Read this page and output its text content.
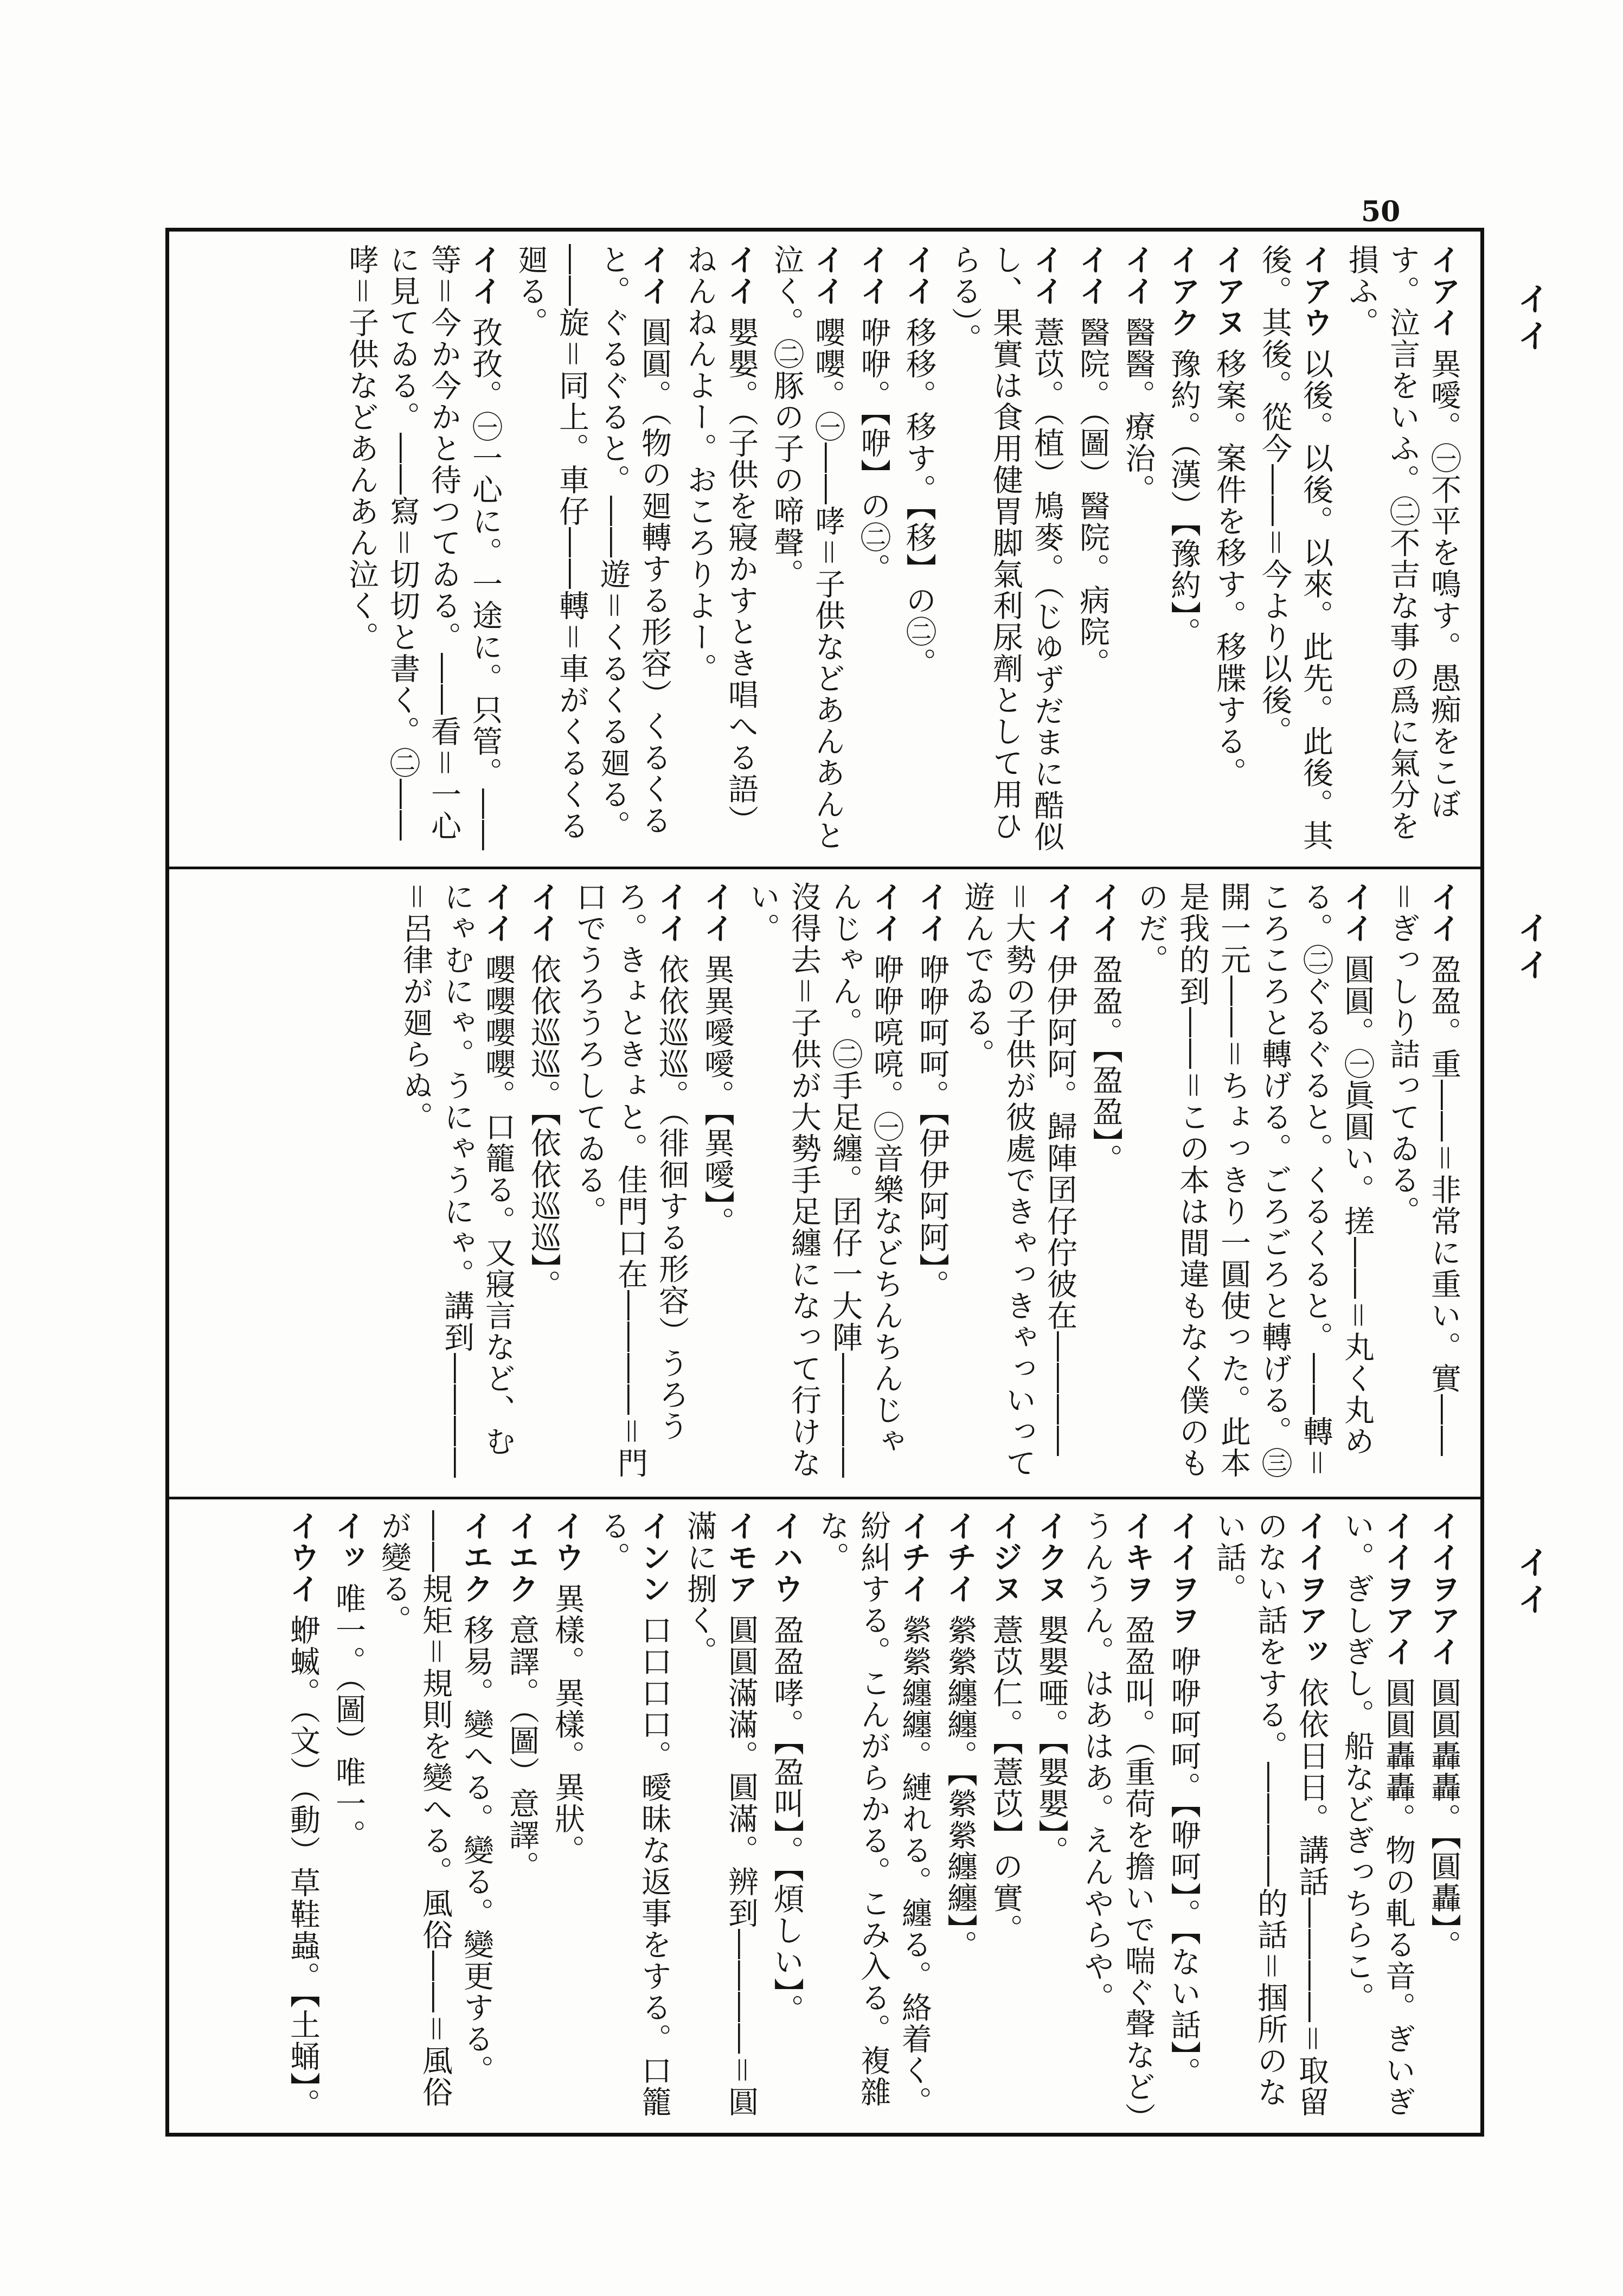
50
イイ
イイ
イイ
イアイ異噯。㊀不平を鳴す。愚痴をこぼす。泣言をいふ。㊁不吉な事の爲に氣分を損ふ。
イアウ以後。以後。以來。此先。此後。其後。其後。從今――＝今より以後。
イアヌ移案。案件を移す。移牒する。
イアク豫約。（漢）【豫約】。
イイ醫醫。療治。
イイ醫院。（圖）醫院。病院。
イイ薏苡。（植）鳩麥。（じゆずだまに酷似し、果實は食用健胃脚氣利尿劑として用ひらる）。
イイ移移。移す。【移】の㊁。
イイ咿咿。【咿】の㊁。
イイ嚶嚶。㊀――哮＝子供などあんあんと泣く。㊁豚の子の啼聲。
イイ嬰嬰。（子供を寢かすとき唱へる語）ねんねんよー。おころりよー。
イイ圓圓。（物の廻轉する形容）くるくると。ぐるぐると。――遊＝くるくる廻る。――旋＝同上。車仔――轉＝車がくるくる廻る。
イイ孜孜。㊀一心に。一途に。只管。――等＝今か今かと待つてゐる。――看＝一心に見てゐる。――寫＝切切と書く。㊁――哮＝子供などあんあん泣く。
イイ盈盈。重――＝非常に重い。實――＝ぎっしり詰ってゐる。
イイ圓圓。㊀眞圓い。搓――＝丸く丸める。㊁ぐるぐると。くるくると。――轉＝ころころと轉げる。ごろごろと轉げる。㊂開一元――＝ちょっきり一圓使った。此本是我的到――＝この本は間違もなく僕のものだ。
イイ盈盈。【盈盈】。
イイ伊伊阿阿。歸陣囝仔佇彼在――――＝大勢の子供が彼處できゃっきゃっいって遊んでゐる。
イイ咿咿呵呵。【伊伊阿阿】。
イイ咿咿喨喨。㊀音樂などちんちんじゃんじゃん。㊁手足纏。囝仔一大陣――――沒得去＝子供が大勢手足纏になって行けない。
イイ異異噯噯。【異噯】。
イイ依依巡巡。（徘徊する形容）うろうろ。きょときょと。佳門口在――――＝門口でうろうろしてゐる。
イイ依依巡巡。【依依巡巡】。
イイ嚶嚶嚶嚶。口籠る。又寢言など、むにゃむにゃ。うにゃうにゃ。講到――――＝呂律が廻らぬ。
イイヲアイ圓圓轟轟。【圓轟】。
イイヲアイ圓圓轟轟。物の軋る音。ぎいぎい。ぎしぎし。船などぎっちらこ。
イイヲアッ依依日日。講話――――＝取留のない話をする。――――的話＝掴所のない話。
イイヲヲ咿咿呵呵。【咿呵】。【ない話】。
イキヲ盈盈叫。（重荷を擔いで喘ぐ聲など）うんうん。はあはあ。えんやらや。
イクヌ嬰嬰唖。【嬰嬰】。
イジヌ薏苡仁。【薏苡】の實。
イチイ縈縈纏纏。【縈縈纏纏】。
イチイ縈縈纏纏。縺れる。纏る。絡着く。紛糾する。こんがらかる。こみ入る。複雜な。
イハウ盈盈哮。【盈叫】。【煩しい】。
イモア圓圓滿滿。圓滿。辨到――――＝圓滿に捌く。
インン口口口口。曖昧な返事をする。口籠る。
イウ異樣。異樣。異狀。
イエク意譯。（圖）意譯。
イエク移易。變へる。變る。變更する。――規矩＝規則を變へる。風俗――＝風俗が變る。
イッ唯一。（圖）唯一。
イウイ蛜蝛。（文）（動）草鞋蟲。【土蛹】。
